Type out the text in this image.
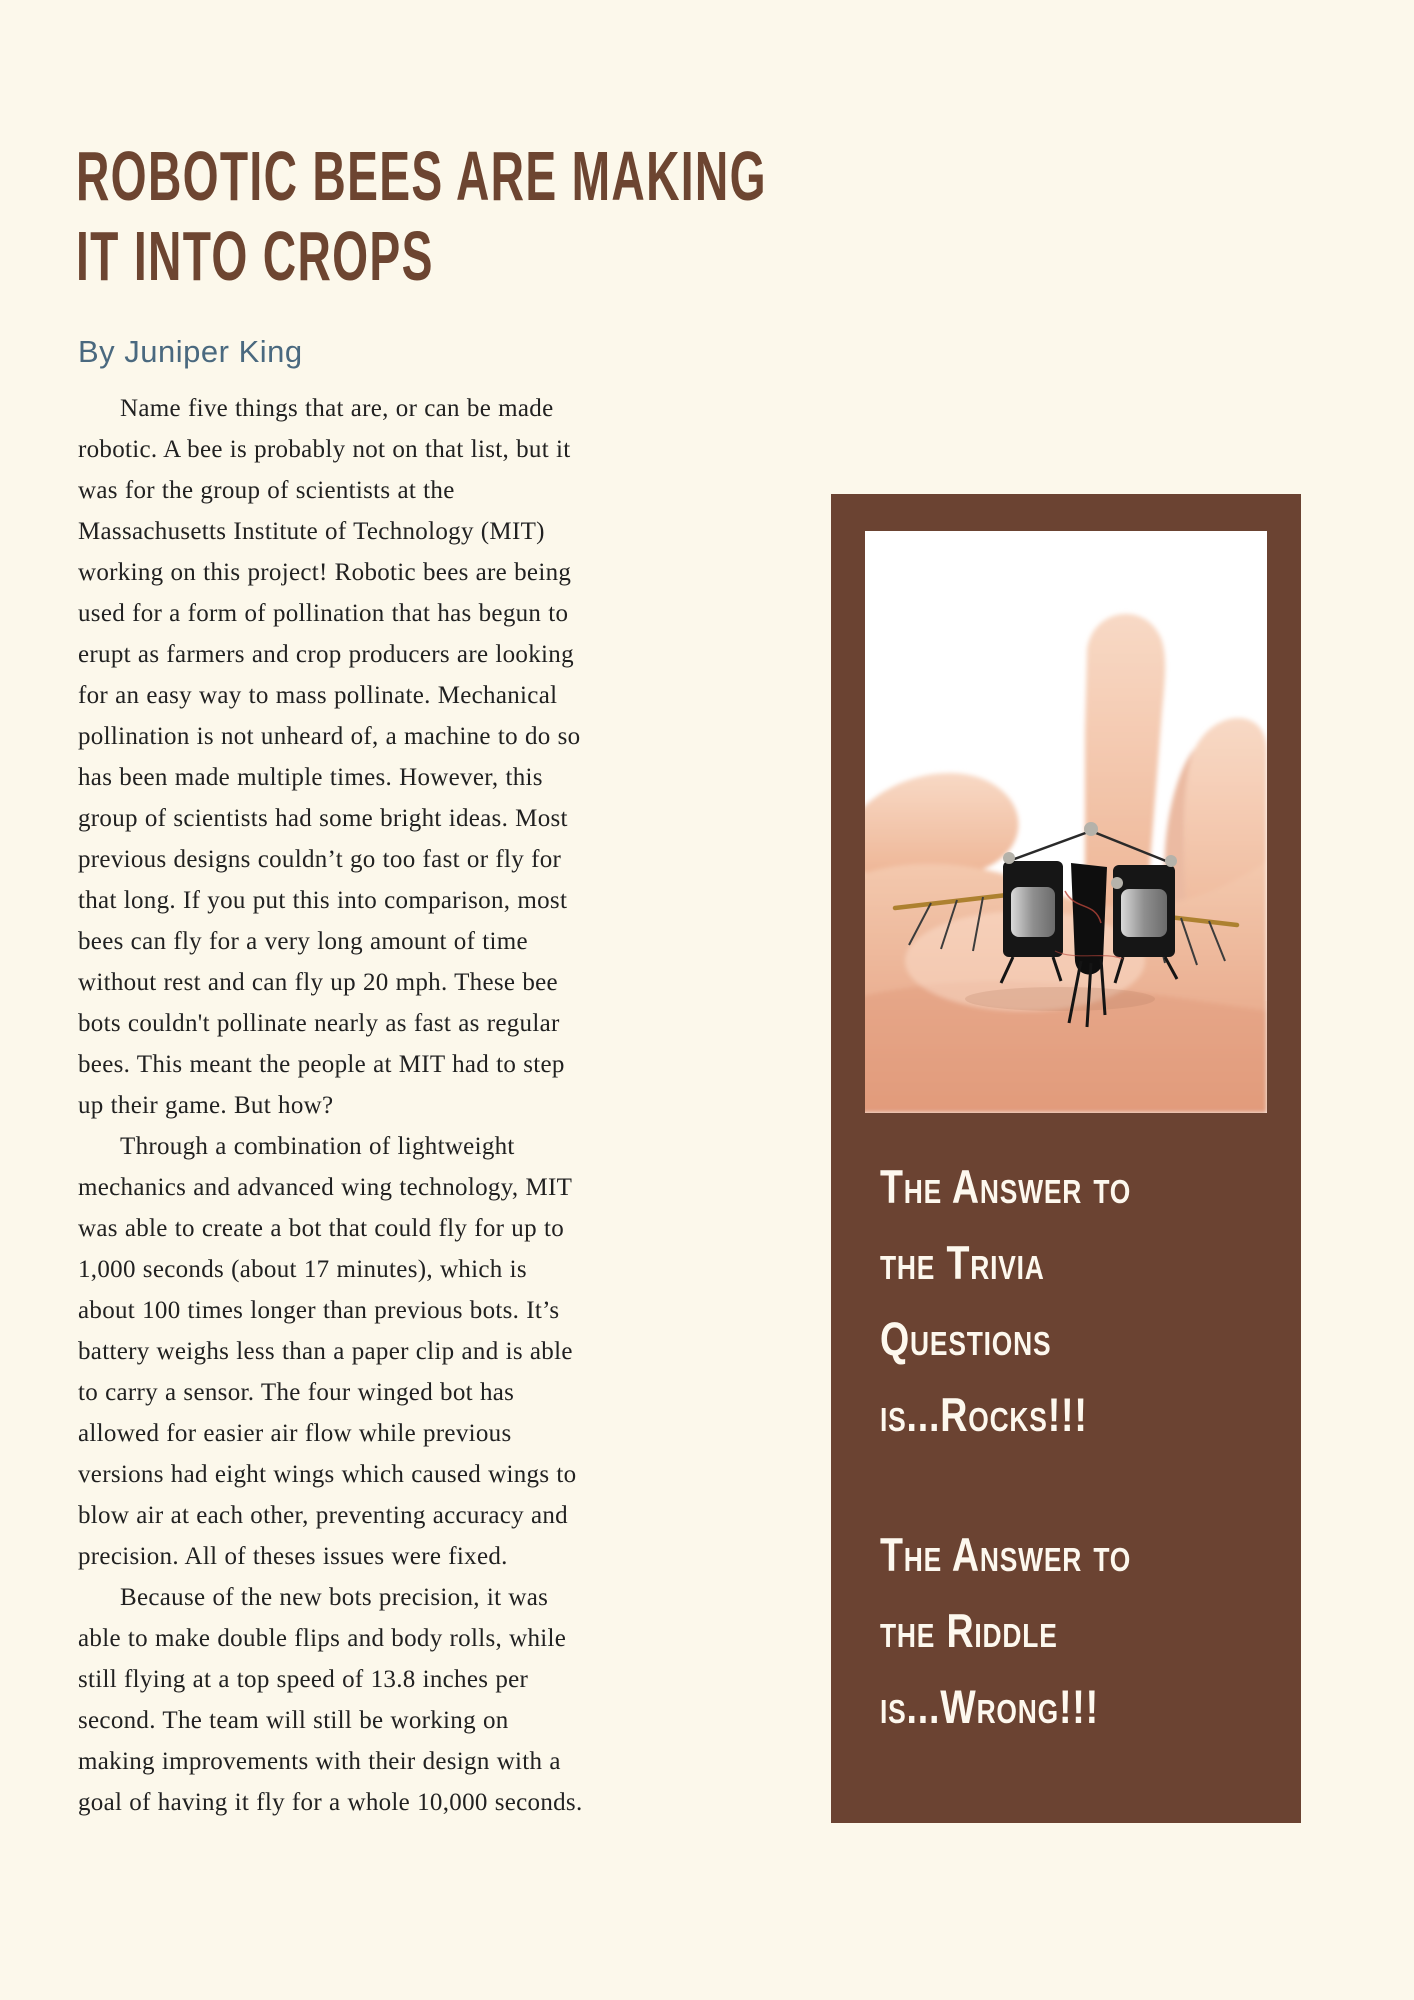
ROBOTIC BEES ARE MAKING
IT INTO CROPS
By Juniper King

Name five things that are, or can be made robotic. A bee is probably not on that list, but it was for the group of scientists at the Massachusetts Institute of Technology (MIT) working on this project! Robotic bees are being used for a form of pollination that has begun to erupt as farmers and crop producers are looking for an easy way to mass pollinate. Mechanical pollination is not unheard of, a machine to do so has been made multiple times. However, this group of scientists had some bright ideas. Most previous designs couldn’t go too fast or fly for that long. If you put this into comparison, most bees can fly for a very long amount of time without rest and can fly up 20 mph. These bee bots couldn't pollinate nearly as fast as regular bees. This meant the people at MIT had to step up their game. But how?

Through a combination of lightweight mechanics and advanced wing technology, MIT was able to create a bot that could fly for up to 1,000 seconds (about 17 minutes), which is about 100 times longer than previous bots. It’s battery weighs less than a paper clip and is able to carry a sensor. The four winged bot has allowed for easier air flow while previous versions had eight wings which caused wings to blow air at each other, preventing accuracy and precision. All of theses issues were fixed.

Because of the new bots precision, it was able to make double flips and body rolls, while still flying at a top speed of 13.8 inches per second. The team will still be working on making improvements with their design with a goal of having it fly for a whole 10,000 seconds.

The Answer to
the Trivia
Questions
is...Rocks!!!
The Answer to
the Riddle
is...Wrong!!!
